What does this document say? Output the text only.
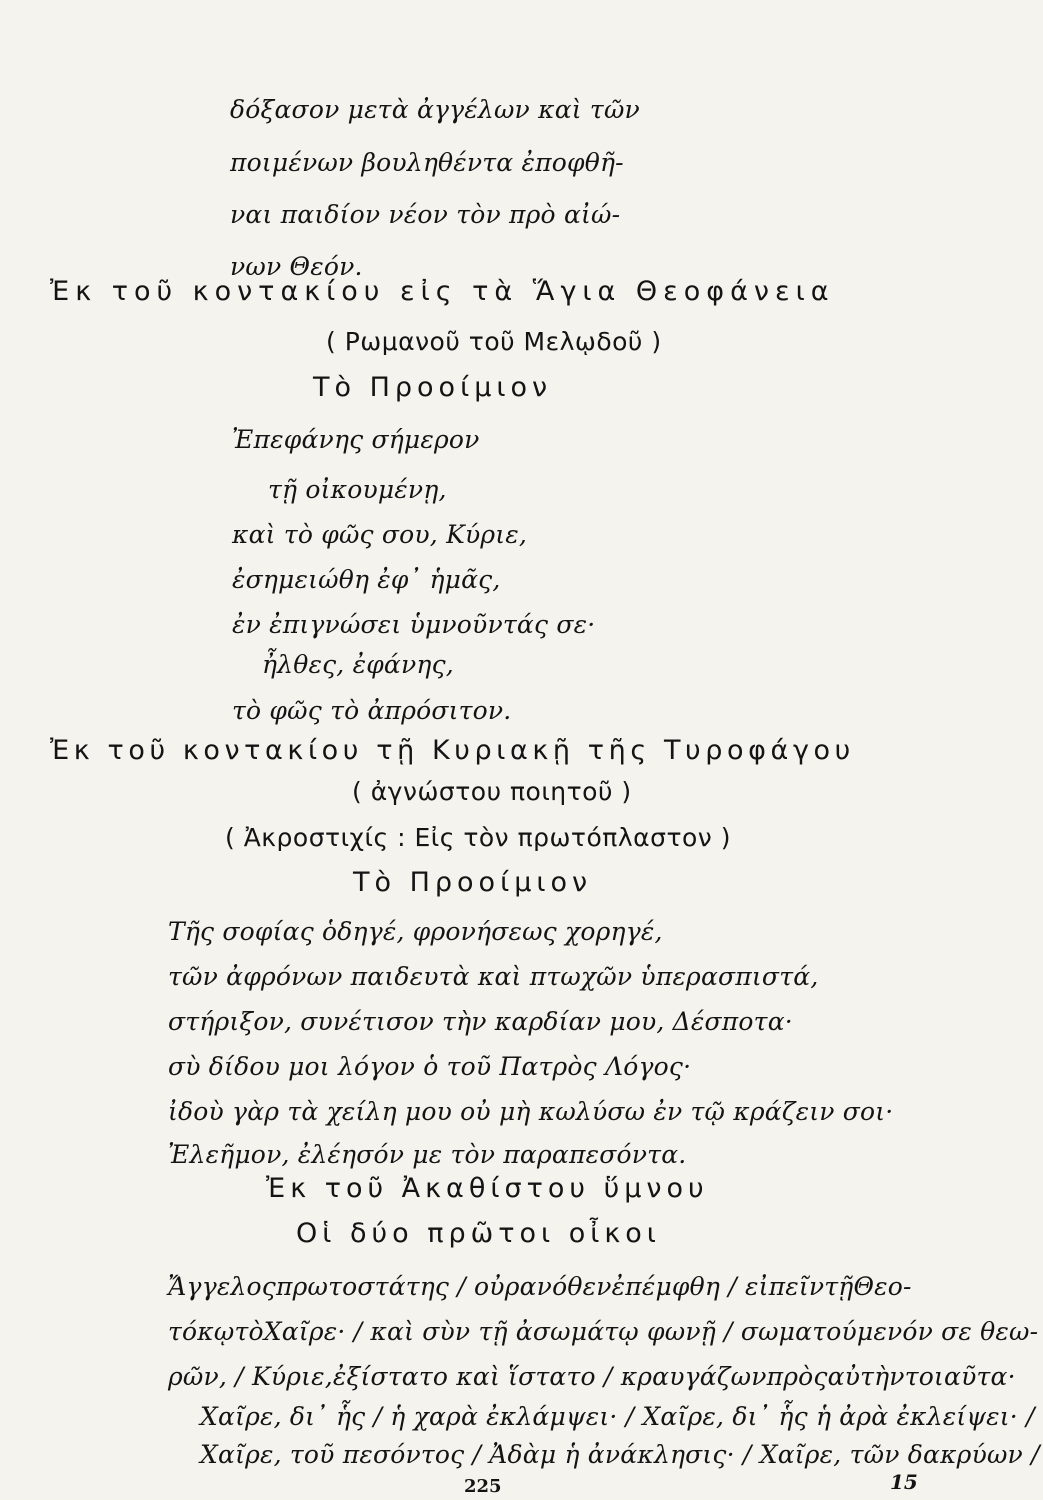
δόξασον μετὰ ἀγγέλων καὶ τῶν
ποιμένων βουληθέντα ἐποφθῆ-
ναι παιδίον νέον τὸν πρὸ αἰώ-
νων Θεόν.
Ἐκ τοῦ κοντακίου εἰς τὰ Ἅγια Θεοφάνεια
( Ρωμανοῦ τοῦ Μελῳδοῦ )
Τὸ Προοίμιον
Ἐπεφάνης σήμερον
τῇ οἰκουμένῃ,
καὶ τὸ φῶς σου, Κύριε,
ἐσημειώθη ἐφ᾿ ἡμᾶς,
ἐν ἐπιγνώσει ὑμνοῦντάς σε·
ἦλθες, ἐφάνης,
τὸ φῶς τὸ ἀπρόσιτον.
Ἐκ τοῦ κοντακίου τῇ Κυριακῇ τῆς Τυροφάγου
( ἀγνώστου ποιητοῦ )
( Ἀκροστιχίς : Εἰς τὸν πρωτόπλαστον )
Τὸ Προοίμιον
Τῆς σοφίας ὁδηγέ, φρονήσεως χορηγέ,
τῶν ἀφρόνων παιδευτὰ καὶ πτωχῶν ὑπερασπιστά,
στήριξον, συνέτισον τὴν καρδίαν μου, Δέσποτα·
σὺ δίδου μοι λόγον ὁ τοῦ Πατρὸς Λόγος·
ἰδοὺ γὰρ τὰ χείλη μου οὐ μὴ κωλύσω ἐν τῷ κράζειν σοι·
Ἐλεῆμον, ἐλέησόν με τὸν παραπεσόντα.
Ἐκ τοῦ Ἀκαθίστου ὕμνου
Οἱ δύο πρῶτοι οἶκοι
Ἄγγελος πρωτοστάτης / οὐρανόθεν ἐπέμφθη / εἰπεῖν τῇ Θεο-
τόκῳ τὸ Χαῖρε· / καὶ σὺν τῇ ἀσωμάτῳ φωνῇ / σωματούμενόν σε θεω-
ρῶν, / Κύριε, ἐξίστατο καὶ ἵστατο / κραυγάζων πρὸς αὐτὴν τοιαῦτα·
Χαῖρε, δι᾿ ἧς / ἡ χαρὰ ἐκλάμψει· / Χαῖρε, δι᾿ ἧς ἡ ἀρὰ ἐκλείψει· /
Χαῖρε, τοῦ πεσόντος / Ἀδὰμ ἡ ἀνάκλησις· / Χαῖρε, τῶν δακρύων /
225	15
